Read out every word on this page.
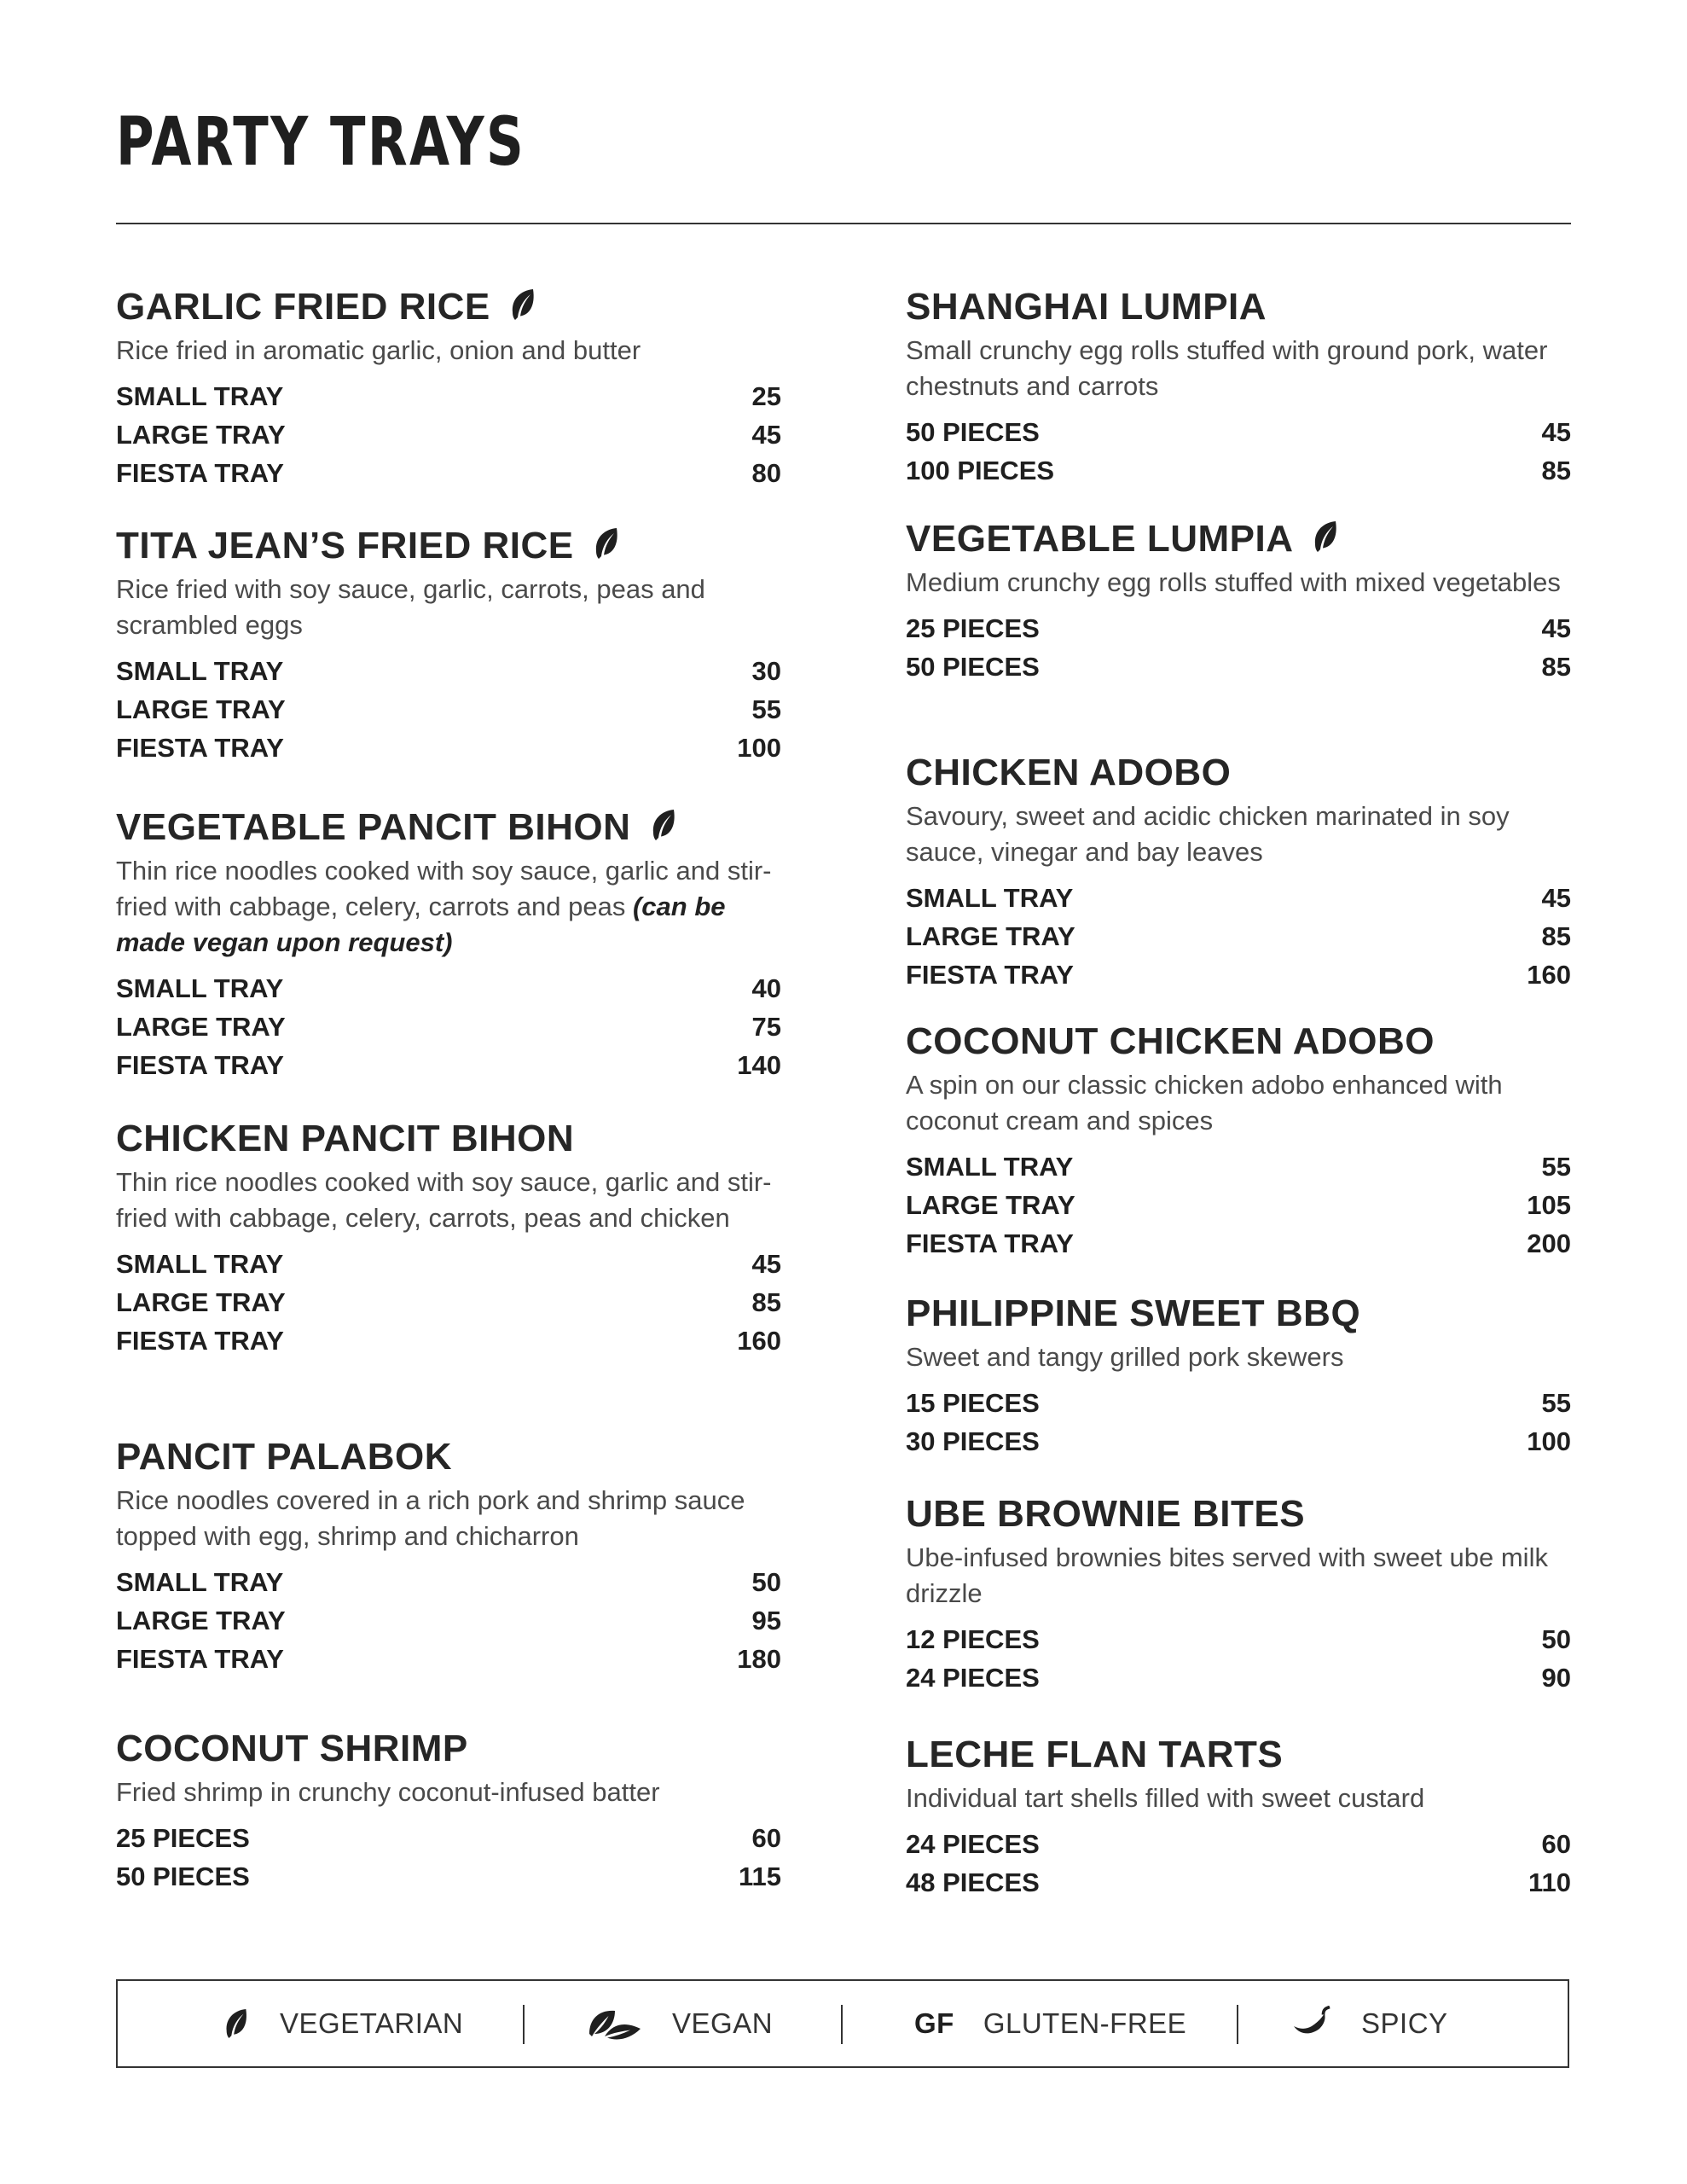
PARTY TRAYS
GARLIC FRIED RICE
Rice fried in aromatic garlic, onion and butter
SMALL TRAY	25
LARGE TRAY	45
FIESTA TRAY	80
TITA JEAN’S FRIED RICE
Rice fried with soy sauce, garlic, carrots, peas and scrambled eggs
SMALL TRAY	30
LARGE TRAY	55
FIESTA TRAY	100
VEGETABLE PANCIT BIHON
Thin rice noodles cooked with soy sauce, garlic and stir-fried with cabbage, celery, carrots and peas (can be made vegan upon request)
SMALL TRAY	40
LARGE TRAY	75
FIESTA TRAY	140
CHICKEN PANCIT BIHON
Thin rice noodles cooked with soy sauce, garlic and stir-fried with cabbage, celery, carrots, peas and chicken
SMALL TRAY	45
LARGE TRAY	85
FIESTA TRAY	160
PANCIT PALABOK
Rice noodles covered in a rich pork and shrimp sauce topped with egg, shrimp and chicharron
SMALL TRAY	50
LARGE TRAY	95
FIESTA TRAY	180
COCONUT SHRIMP
Fried shrimp in crunchy coconut-infused batter
25 PIECES	60
50 PIECES	115
SHANGHAI LUMPIA
Small crunchy egg rolls stuffed with ground pork, water chestnuts and carrots
50 PIECES	45
100 PIECES	85
VEGETABLE LUMPIA
Medium crunchy egg rolls stuffed with mixed vegetables
25 PIECES	45
50 PIECES	85
CHICKEN ADOBO
Savoury, sweet and acidic chicken marinated in soy sauce, vinegar and bay leaves
SMALL TRAY	45
LARGE TRAY	85
FIESTA TRAY	160
COCONUT CHICKEN ADOBO
A spin on our classic chicken adobo enhanced with coconut cream and spices
SMALL TRAY	55
LARGE TRAY	105
FIESTA TRAY	200
PHILIPPINE SWEET BBQ
Sweet and tangy grilled pork skewers
15 PIECES	55
30 PIECES	100
UBE BROWNIE BITES
Ube-infused brownies bites served with sweet ube milk drizzle
12 PIECES	50
24 PIECES	90
LECHE FLAN TARTS
Individual tart shells filled with sweet custard
24 PIECES	60
48 PIECES	110
VEGETARIAN	VEGAN	GF GLUTEN-FREE	SPICY
